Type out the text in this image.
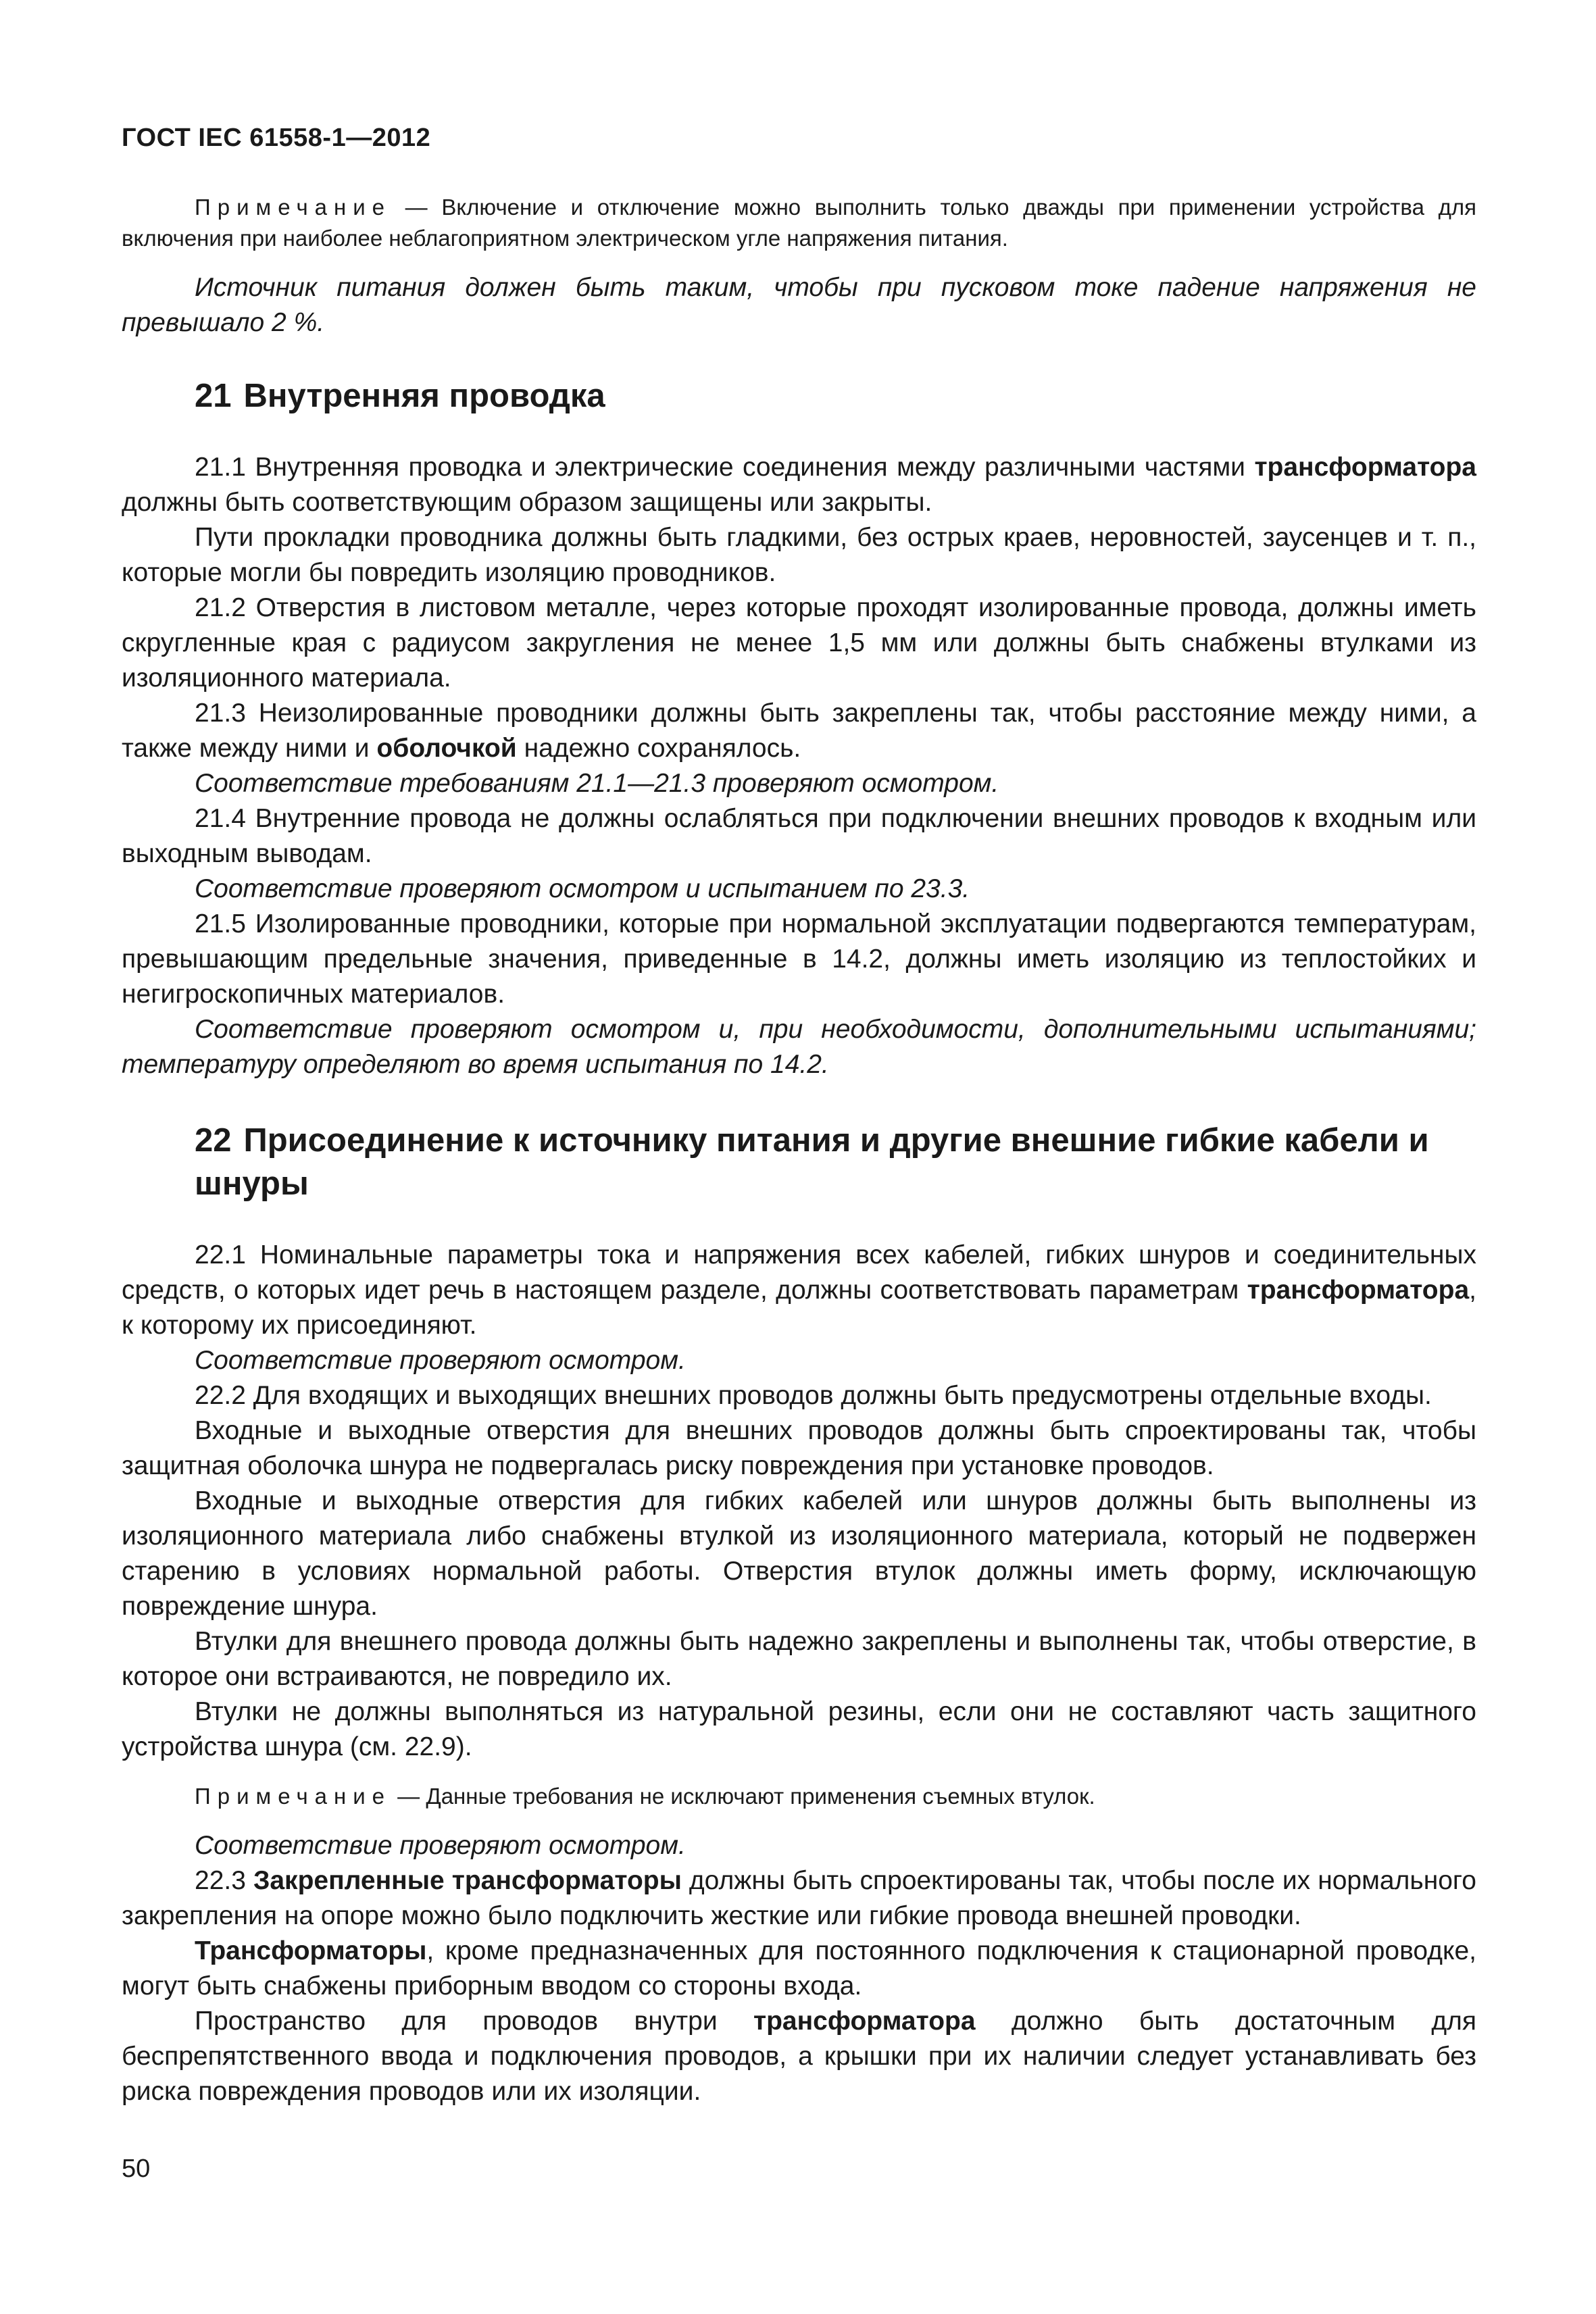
ГОСТ IEC 61558-1—2012

Примечание — Включение и отключение можно выполнить только дважды при применении устройства для включения при наиболее неблагоприятном электрическом угле напряжения питания.

Источник питания должен быть таким, чтобы при пусковом токе падение напряжения не превышало 2 %.

21 Внутренняя проводка

21.1 Внутренняя проводка и электрические соединения между различными частями трансформатора должны быть соответствующим образом защищены или закрыты.

Пути прокладки проводника должны быть гладкими, без острых краев, неровностей, заусенцев и т. п., которые могли бы повредить изоляцию проводников.

21.2 Отверстия в листовом металле, через которые проходят изолированные провода, должны иметь скругленные края с радиусом закругления не менее 1,5 мм или должны быть снабжены втулками из изоляционного материала.

21.3 Неизолированные проводники должны быть закреплены так, чтобы расстояние между ними, а также между ними и оболочкой надежно сохранялось.

Соответствие требованиям 21.1—21.3 проверяют осмотром.

21.4 Внутренние провода не должны ослабляться при подключении внешних проводов к входным или выходным выводам.

Соответствие проверяют осмотром и испытанием по 23.3.

21.5 Изолированные проводники, которые при нормальной эксплуатации подвергаются температурам, превышающим предельные значения, приведенные в 14.2, должны иметь изоляцию из теплостойких и негигроскопичных материалов.

Соответствие проверяют осмотром и, при необходимости, дополнительными испытаниями; температуру определяют во время испытания по 14.2.

22 Присоединение к источнику питания и другие внешние гибкие кабели и шнуры

22.1 Номинальные параметры тока и напряжения всех кабелей, гибких шнуров и соединительных средств, о которых идет речь в настоящем разделе, должны соответствовать параметрам трансформатора, к которому их присоединяют.

Соответствие проверяют осмотром.

22.2 Для входящих и выходящих внешних проводов должны быть предусмотрены отдельные входы.

Входные и выходные отверстия для внешних проводов должны быть спроектированы так, чтобы защитная оболочка шнура не подвергалась риску повреждения при установке проводов.

Входные и выходные отверстия для гибких кабелей или шнуров должны быть выполнены из изоляционного материала либо снабжены втулкой из изоляционного материала, который не подвержен старению в условиях нормальной работы. Отверстия втулок должны иметь форму, исключающую повреждение шнура.

Втулки для внешнего провода должны быть надежно закреплены и выполнены так, чтобы отверстие, в которое они встраиваются, не повредило их.

Втулки не должны выполняться из натуральной резины, если они не составляют часть защитного устройства шнура (см. 22.9).

Примечание — Данные требования не исключают применения съемных втулок.

Соответствие проверяют осмотром.

22.3 Закрепленные трансформаторы должны быть спроектированы так, чтобы после их нормального закрепления на опоре можно было подключить жесткие или гибкие провода внешней проводки.

Трансформаторы, кроме предназначенных для постоянного подключения к стационарной проводке, могут быть снабжены приборным вводом со стороны входа.

Пространство для проводов внутри трансформатора должно быть достаточным для беспрепятственного ввода и подключения проводов, а крышки при их наличии следует устанавливать без риска повреждения проводов или их изоляции.

50
